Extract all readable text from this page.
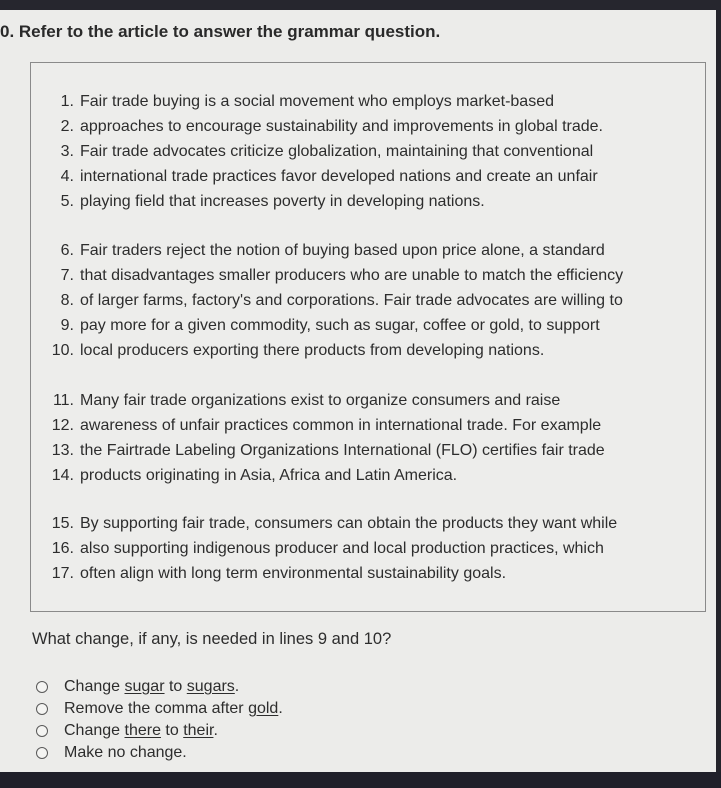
0. Refer to the article to answer the grammar question.
1. Fair trade buying is a social movement who employs market-based
2. approaches to encourage sustainability and improvements in global trade.
3. Fair trade advocates criticize globalization, maintaining that conventional
4. international trade practices favor developed nations and create an unfair
5. playing field that increases poverty in developing nations.
6. Fair traders reject the notion of buying based upon price alone, a standard
7. that disadvantages smaller producers who are unable to match the efficiency
8. of larger farms, factory's and corporations. Fair trade advocates are willing to
9. pay more for a given commodity, such as sugar, coffee or gold, to support
10. local producers exporting there products from developing nations.
11. Many fair trade organizations exist to organize consumers and raise
12. awareness of unfair practices common in international trade. For example
13. the Fairtrade Labeling Organizations International (FLO) certifies fair trade
14. products originating in Asia, Africa and Latin America.
15. By supporting fair trade, consumers can obtain the products they want while
16. also supporting indigenous producer and local production practices, which
17. often align with long term environmental sustainability goals.

What change, if any, is needed in lines 9 and 10?

Change sugar to sugars.
Remove the comma after gold.
Change there to their.
Make no change.
